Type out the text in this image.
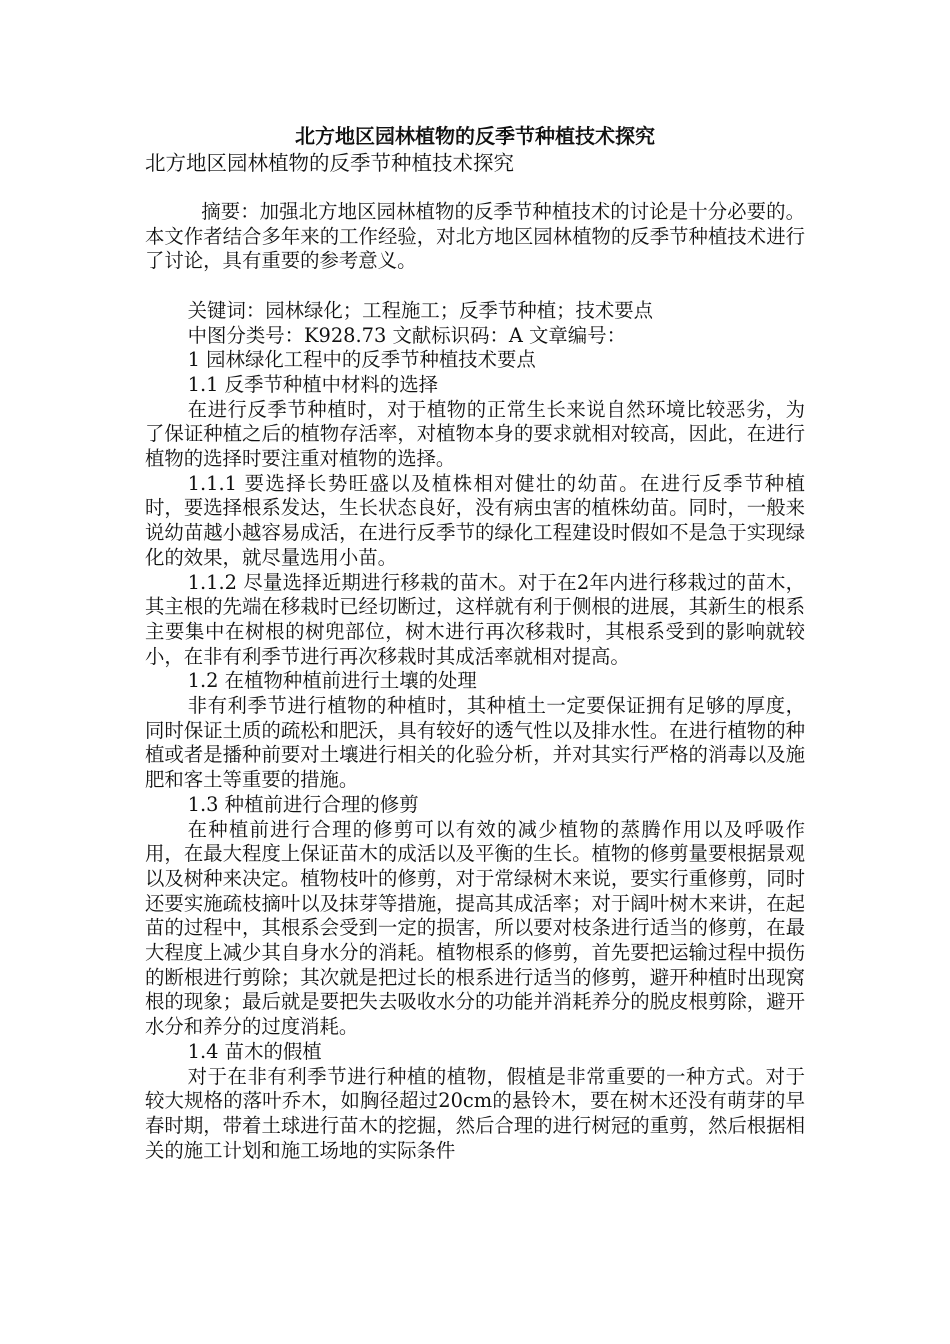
北方地区园林植物的反季节种植技术探究

北方地区园林植物的反季节种植技术探究

摘要：加强北方地区园林植物的反季节种植技术的讨论是十分必要的。本文作者结合多年来的工作经验，对北方地区园林植物的反季节种植技术进行了讨论，具有重要的参考意义。

关键词：园林绿化；工程施工；反季节种植；技术要点

中图分类号：K928.73 文献标识码：A 文章编号：

1 园林绿化工程中的反季节种植技术要点

1.1 反季节种植中材料的选择

在进行反季节种植时，对于植物的正常生长来说自然环境比较恶劣，为了保证种植之后的植物存活率，对植物本身的要求就相对较高，因此，在进行植物的选择时要注重对植物的选择。

1.1.1 要选择长势旺盛以及植株相对健壮的幼苗。在进行反季节种植时，要选择根系发达，生长状态良好，没有病虫害的植株幼苗。同时，一般来说幼苗越小越容易成活，在进行反季节的绿化工程建设时假如不是急于实现绿化的效果，就尽量选用小苗。

1.1.2 尽量选择近期进行移栽的苗木。对于在2年内进行移栽过的苗木，其主根的先端在移栽时已经切断过，这样就有利于侧根的进展，其新生的根系主要集中在树根的树兜部位，树木进行再次移栽时，其根系受到的影响就较小，在非有利季节进行再次移栽时其成活率就相对提高。

1.2 在植物种植前进行土壤的处理

非有利季节进行植物的种植时，其种植土一定要保证拥有足够的厚度，同时保证土质的疏松和肥沃，具有较好的透气性以及排水性。在进行植物的种植或者是播种前要对土壤进行相关的化验分析，并对其实行严格的消毒以及施肥和客土等重要的措施。

1.3 种植前进行合理的修剪

在种植前进行合理的修剪可以有效的减少植物的蒸腾作用以及呼吸作用，在最大程度上保证苗木的成活以及平衡的生长。植物的修剪量要根据景观以及树种来决定。植物枝叶的修剪，对于常绿树木来说，要实行重修剪，同时还要实施疏枝摘叶以及抹芽等措施，提高其成活率；对于阔叶树木来讲，在起苗的过程中，其根系会受到一定的损害，所以要对枝条进行适当的修剪，在最大程度上减少其自身水分的消耗。植物根系的修剪，首先要把运输过程中损伤的断根进行剪除；其次就是把过长的根系进行适当的修剪，避开种植时出现窝根的现象；最后就是要把失去吸收水分的功能并消耗养分的脱皮根剪除，避开水分和养分的过度消耗。

1.4 苗木的假植

对于在非有利季节进行种植的植物，假植是非常重要的一种方式。对于较大规格的落叶乔木，如胸径超过20cm的悬铃木，要在树木还没有萌芽的早春时期，带着土球进行苗木的挖掘，然后合理的进行树冠的重剪，然后根据相关的施工计划和施工场地的实际条件
